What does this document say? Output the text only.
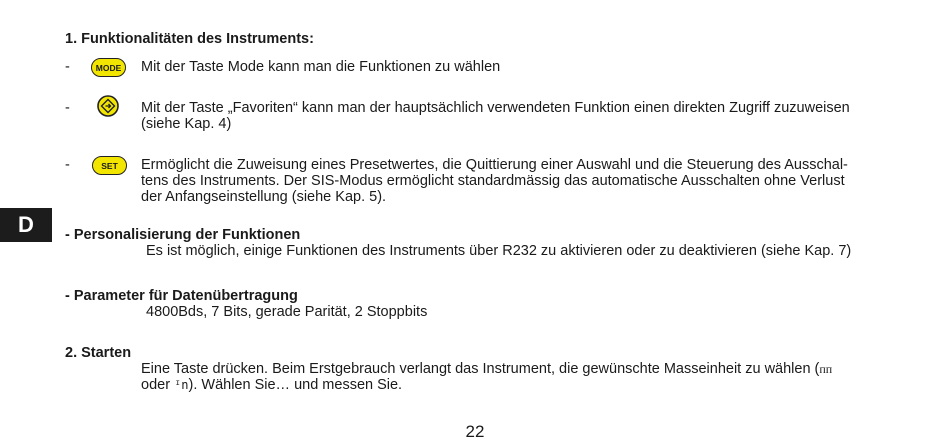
D
1. Funktionalitäten des Instruments:
-	MODE	Mit der Taste Mode kann man die Funktionen zu wählen
-	Mit der Taste „Favoriten“ kann man der hauptsächlich verwendeten Funktion einen direkten Zugriff zuzuweisen
(siehe Kap. 4)
-	SET	Ermöglicht die Zuweisung eines Presetwertes, die Quittierung einer Auswahl und die Steuerung des Ausschal-
tens des Instruments. Der SIS-Modus ermöglicht standardmässig das automatische Ausschalten ohne Verlust
der Anfangseinstellung (siehe Kap. 5).
- Personalisierung der Funktionen
Es ist möglich, einige Funktionen des Instruments über R232 zu aktivieren oder zu deaktivieren (siehe Kap. 7)
- Parameter für Datenübertragung
4800Bds, 7 Bits, gerade Parität, 2 Stoppbits
2. Starten
Eine Taste drücken. Beim Erstgebrauch verlangt das Instrument, die gewünschte Masseinheit zu wählen (ᴨᴨ
oder ᴵn). Wählen Sie… und messen Sie.
22
